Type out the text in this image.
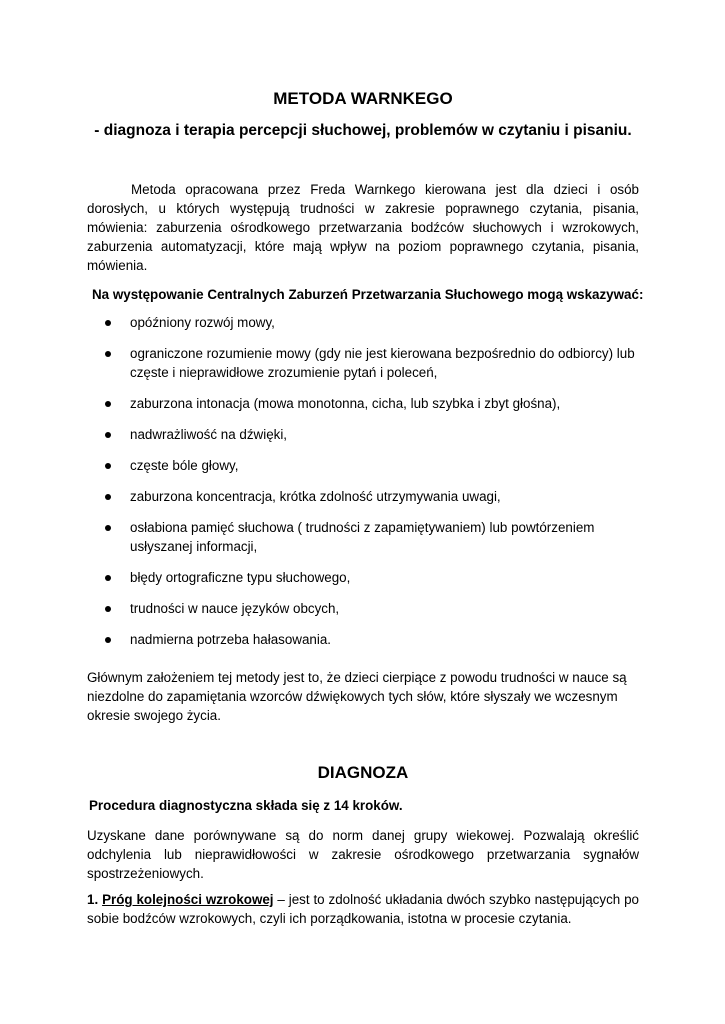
METODA WARNKEGO
- diagnoza i terapia percepcji słuchowej, problemów w czytaniu i pisaniu.
Metoda opracowana przez Freda Warnkego kierowana jest dla dzieci i osób dorosłych, u których występują trudności w zakresie poprawnego czytania, pisania, mówienia: zaburzenia ośrodkowego przetwarzania bodźców słuchowych i wzrokowych, zaburzenia automatyzacji, które mają wpływ na poziom poprawnego czytania, pisania, mówienia.
Na występowanie Centralnych Zaburzeń Przetwarzania Słuchowego mogą wskazywać:
opóźniony rozwój mowy,
ograniczone rozumienie mowy (gdy nie jest kierowana bezpośrednio do odbiorcy) lub częste i nieprawidłowe zrozumienie pytań i poleceń,
zaburzona intonacja (mowa monotonna, cicha, lub szybka i zbyt głośna),
nadwrażliwość na dźwięki,
częste bóle głowy,
zaburzona koncentracja, krótka zdolność utrzymywania uwagi,
osłabiona pamięć słuchowa ( trudności z zapamiętywaniem) lub powtórzeniem usłyszanej informacji,
błędy ortograficzne typu słuchowego,
trudności w nauce języków obcych,
nadmierna potrzeba hałasowania.
Głównym założeniem tej metody jest to, że dzieci cierpiące z powodu trudności w nauce są niezdolne do zapamiętania wzorców dźwiękowych tych słów, które słyszały we wczesnym okresie swojego życia.
DIAGNOZA
Procedura diagnostyczna składa się z 14 kroków.
Uzyskane dane porównywane są do norm danej grupy wiekowej. Pozwalają określić odchylenia lub nieprawidłowości w zakresie ośrodkowego przetwarzania sygnałów spostrzeżeniowych.
1. Próg kolejności wzrokowej – jest to zdolność układania dwóch szybko następujących po sobie bodźców wzrokowych, czyli ich porządkowania, istotna w procesie czytania.
